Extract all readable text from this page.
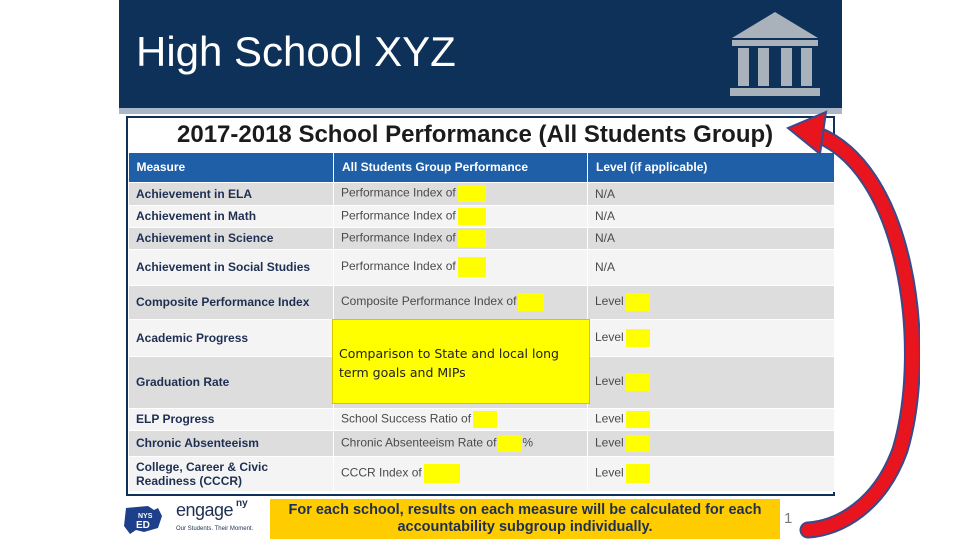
High School XYZ
2017-2018 School Performance (All Students Group)
Measure	All Students Group Performance	Level (if applicable)
Achievement in ELA	Performance Index of	N/A
Achievement in Math	Performance Index of	N/A
Achievement in Science	Performance Index of	N/A
Achievement in Social Studies	Performance Index of	N/A
Composite Performance Index	Composite Performance Index of	Level
Academic Progress		Level
Graduation Rate		Level
ELP Progress	School Success Ratio of	Level
Chronic Absenteeism	Chronic Absenteeism Rate of %	Level
College, Career & Civic Readiness (CCCR)	CCCR Index of	Level
Comparison to State and local long term goals and MIPs
NYS
ED
engage ny
Our Students. Their Moment.
For each school, results on each measure will be calculated for each accountability subgroup individually.	1
